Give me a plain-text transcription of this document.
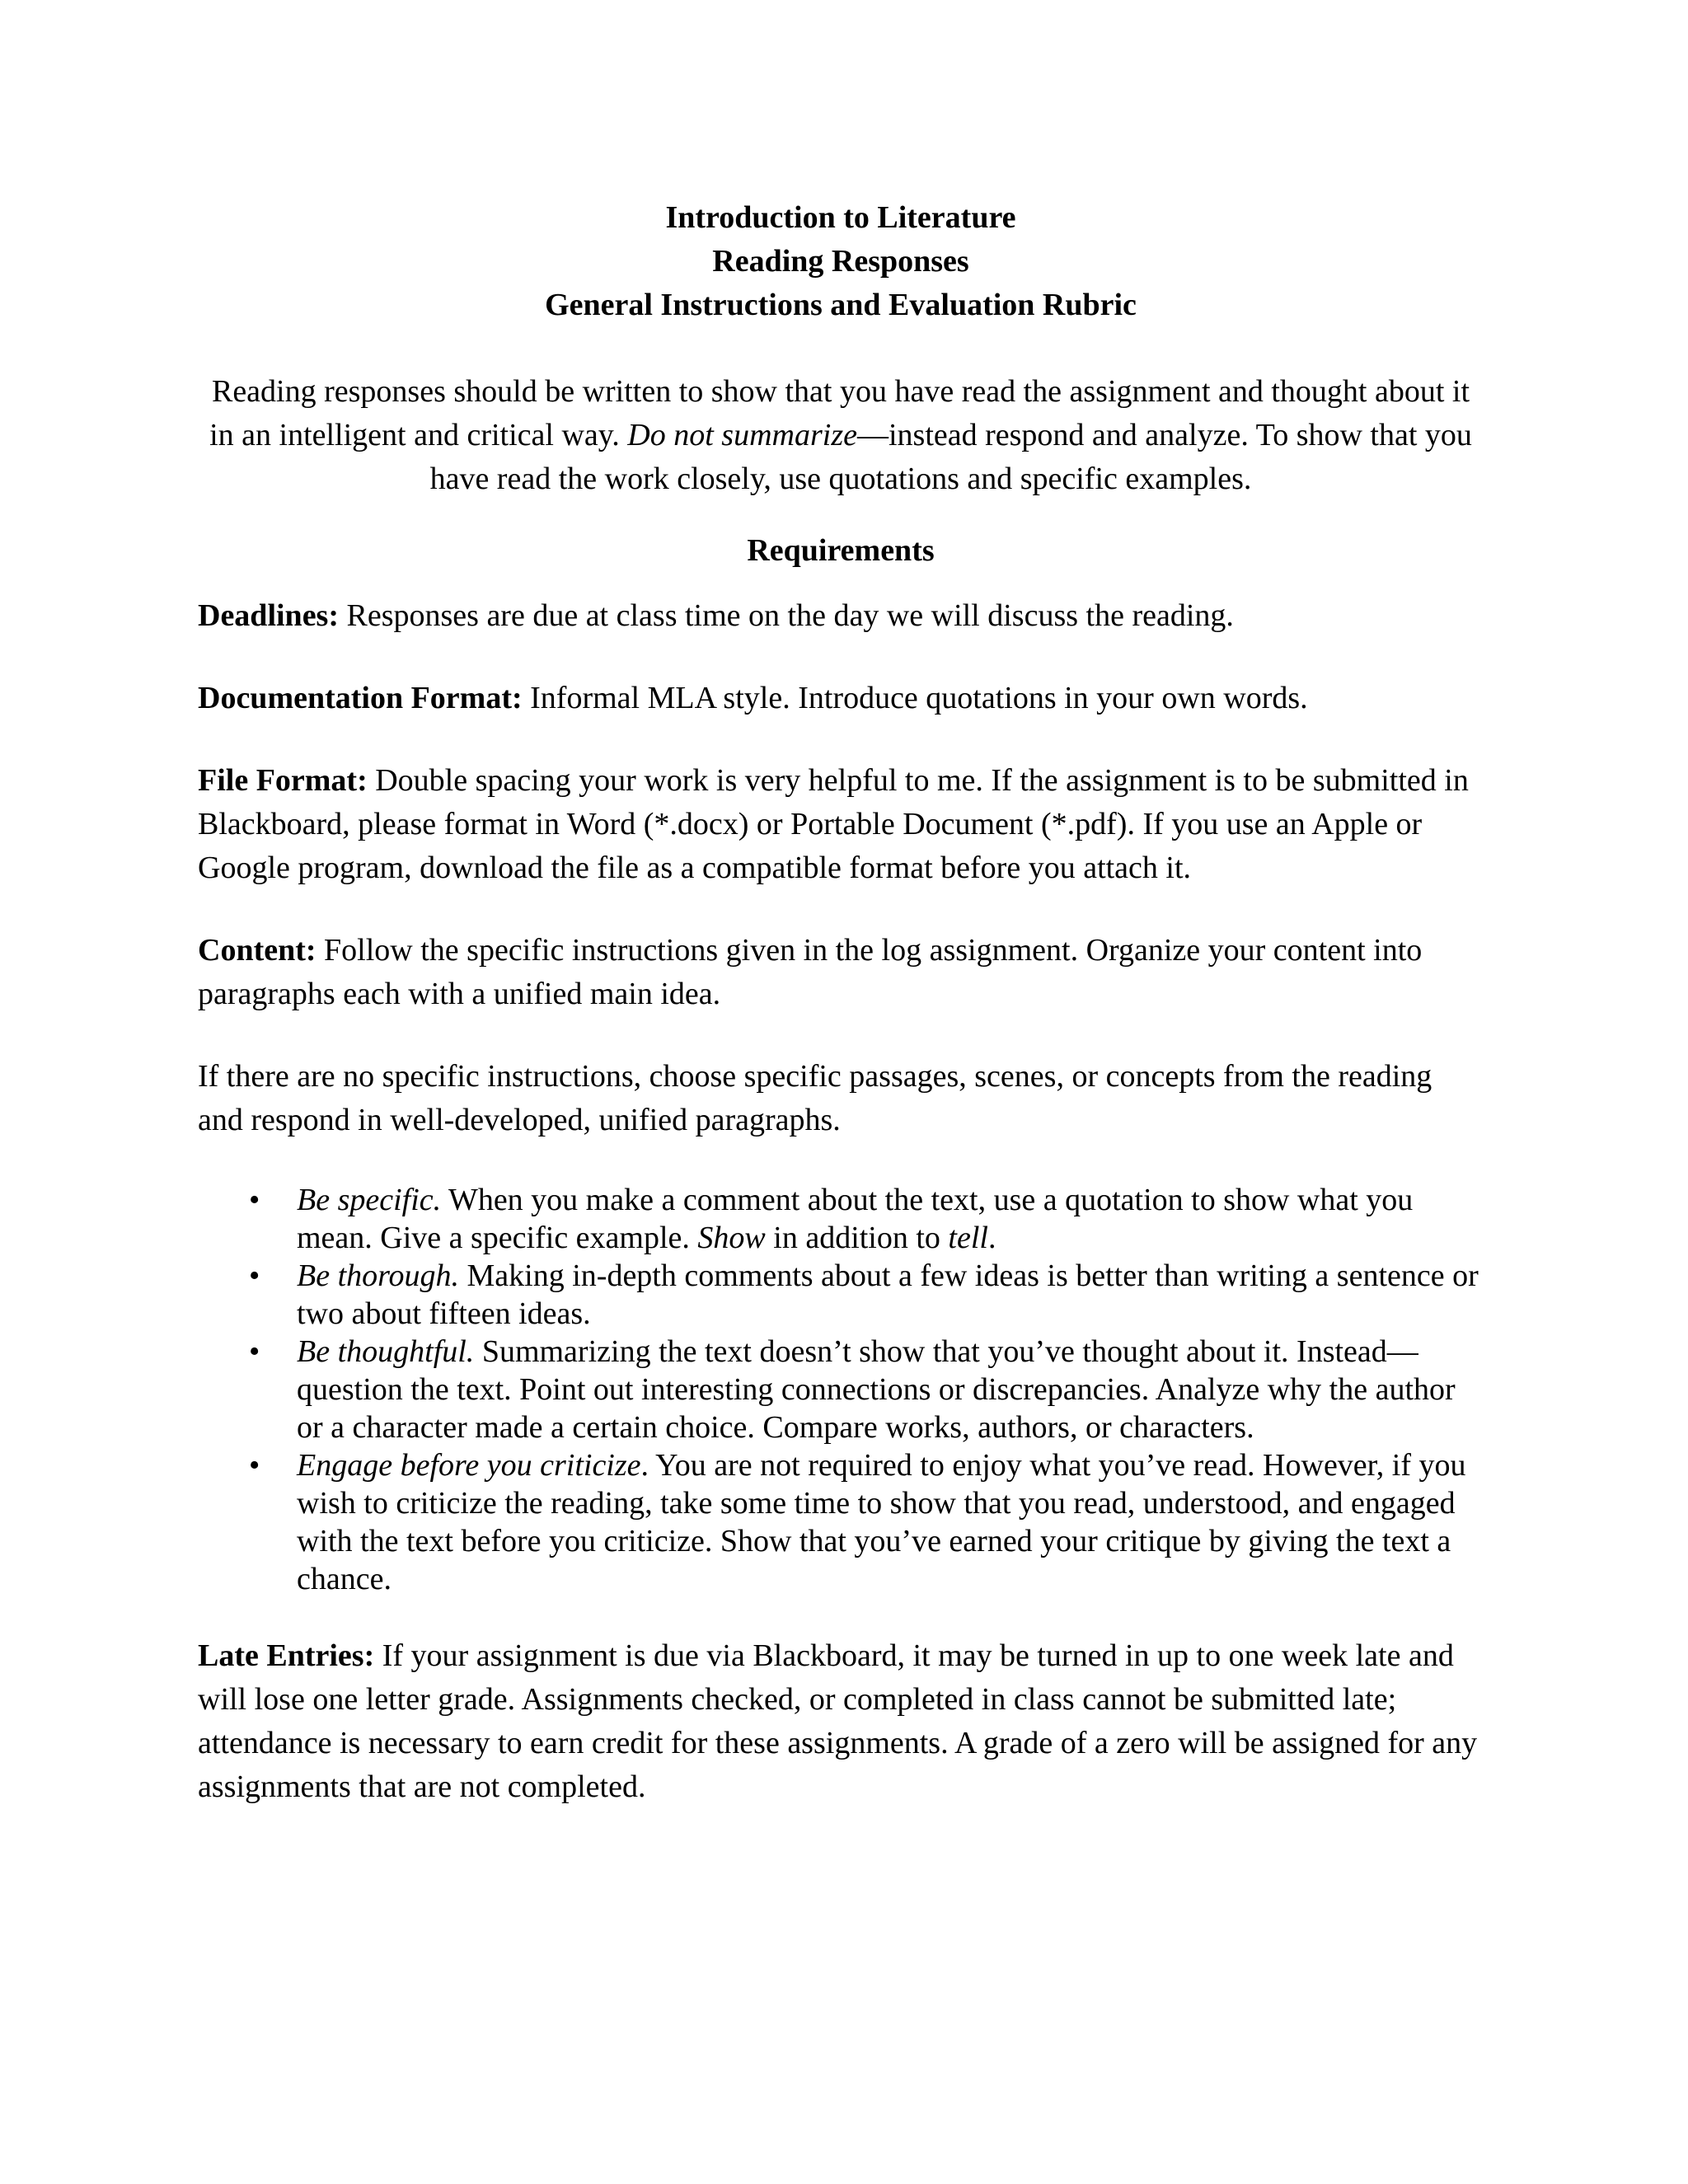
Introduction to Literature
Reading Responses
General Instructions and Evaluation Rubric
Reading responses should be written to show that you have read the assignment and thought about it in an intelligent and critical way. Do not summarize—instead respond and analyze. To show that you have read the work closely, use quotations and specific examples.
Requirements
Deadlines: Responses are due at class time on the day we will discuss the reading.
Documentation Format: Informal MLA style. Introduce quotations in your own words.
File Format: Double spacing your work is very helpful to me. If the assignment is to be submitted in Blackboard, please format in Word (*.docx) or Portable Document (*.pdf). If you use an Apple or Google program, download the file as a compatible format before you attach it.
Content: Follow the specific instructions given in the log assignment. Organize your content into paragraphs each with a unified main idea.
If there are no specific instructions, choose specific passages, scenes, or concepts from the reading and respond in well-developed, unified paragraphs.
• Be specific. When you make a comment about the text, use a quotation to show what you mean. Give a specific example. Show in addition to tell.
• Be thorough. Making in-depth comments about a few ideas is better than writing a sentence or two about fifteen ideas.
• Be thoughtful. Summarizing the text doesn’t show that you’ve thought about it. Instead—question the text. Point out interesting connections or discrepancies. Analyze why the author or a character made a certain choice. Compare works, authors, or characters.
• Engage before you criticize. You are not required to enjoy what you’ve read. However, if you wish to criticize the reading, take some time to show that you read, understood, and engaged with the text before you criticize. Show that you’ve earned your critique by giving the text a chance.
Late Entries: If your assignment is due via Blackboard, it may be turned in up to one week late and will lose one letter grade. Assignments checked, or completed in class cannot be submitted late; attendance is necessary to earn credit for these assignments. A grade of a zero will be assigned for any assignments that are not completed.
